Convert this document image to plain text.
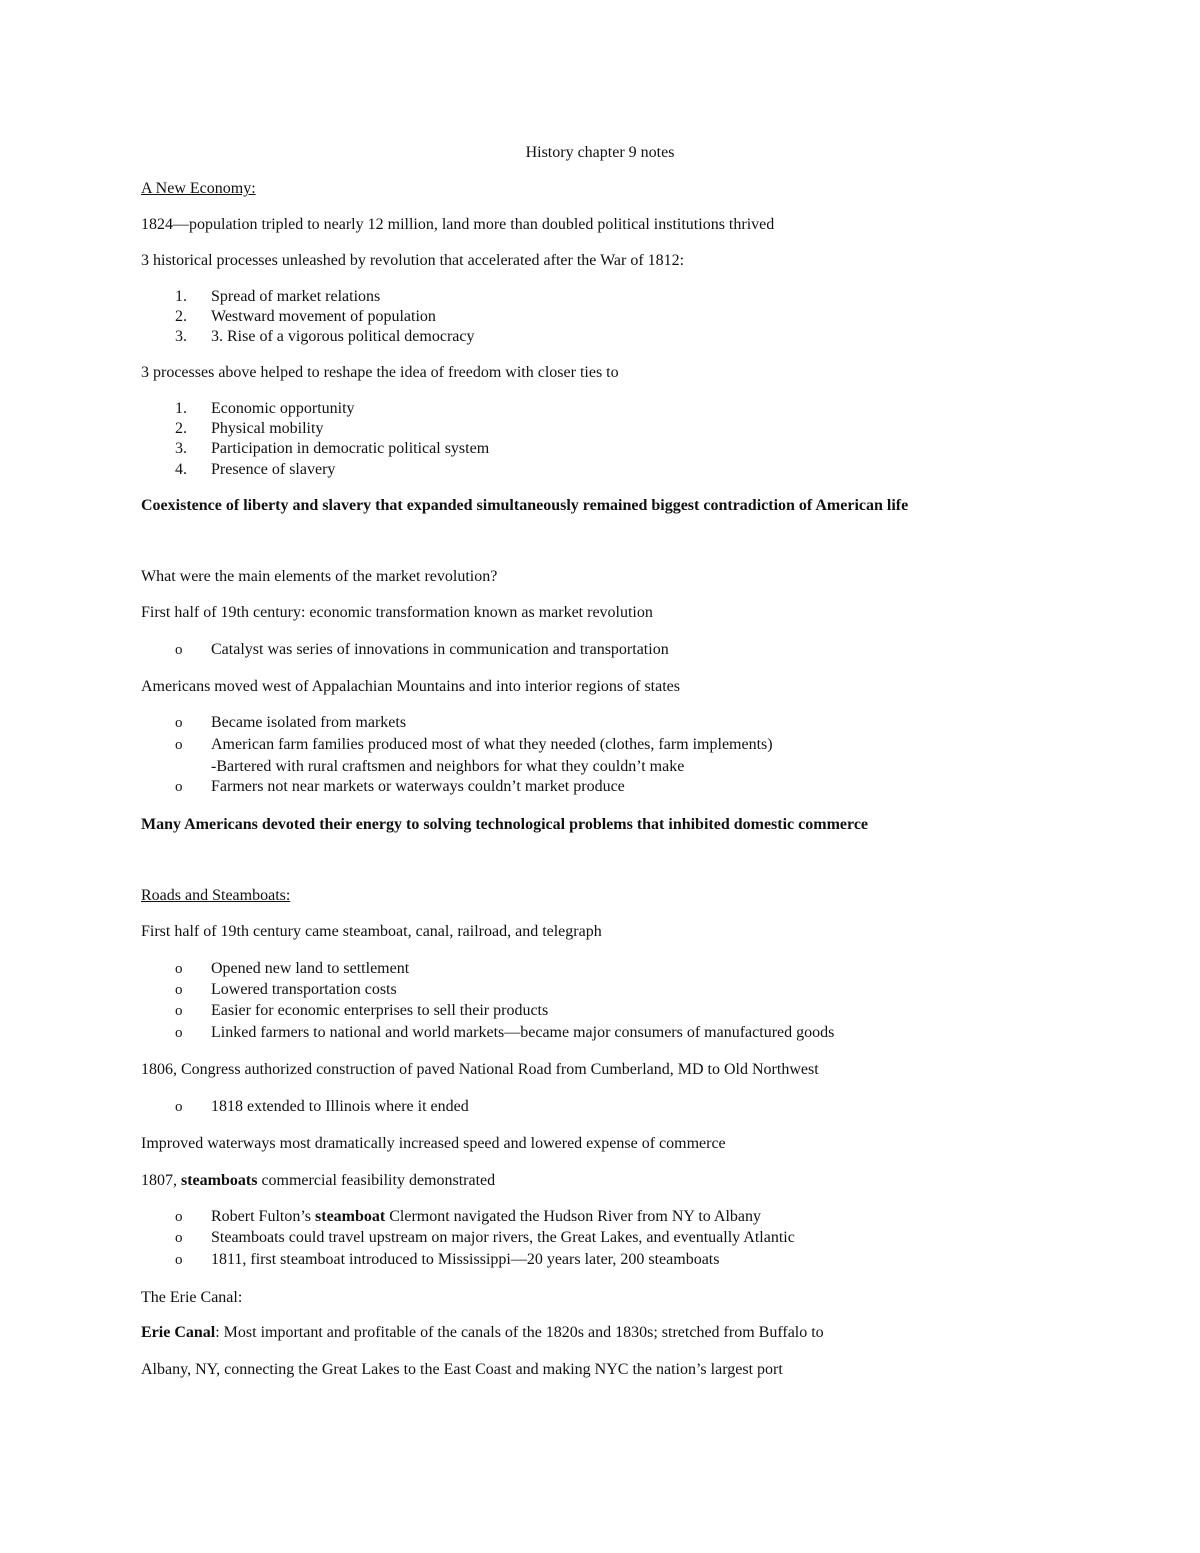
History chapter 9 notes
A New Economy:
1824—population tripled to nearly 12 million, land more than doubled political institutions thrived
3 historical processes unleashed by revolution that accelerated after the War of 1812:
1. Spread of market relations
2. Westward movement of population
3. 3. Rise of a vigorous political democracy
3 processes above helped to reshape the idea of freedom with closer ties to
1. Economic opportunity
2. Physical mobility
3. Participation in democratic political system
4. Presence of slavery
Coexistence of liberty and slavery that expanded simultaneously remained biggest contradiction of American life
What were the main elements of the market revolution?
First half of 19th century: economic transformation known as market revolution
o Catalyst was series of innovations in communication and transportation
Americans moved west of Appalachian Mountains and into interior regions of states
o Became isolated from markets
o American farm families produced most of what they needed (clothes, farm implements)
-Bartered with rural craftsmen and neighbors for what they couldn’t make
o Farmers not near markets or waterways couldn’t market produce
Many Americans devoted their energy to solving technological problems that inhibited domestic commerce
Roads and Steamboats:
First half of 19th century came steamboat, canal, railroad, and telegraph
o Opened new land to settlement
o Lowered transportation costs
o Easier for economic enterprises to sell their products
o Linked farmers to national and world markets—became major consumers of manufactured goods
1806, Congress authorized construction of paved National Road from Cumberland, MD to Old Northwest
o 1818 extended to Illinois where it ended
Improved waterways most dramatically increased speed and lowered expense of commerce
1807, steamboats commercial feasibility demonstrated
o Robert Fulton’s steamboat Clermont navigated the Hudson River from NY to Albany
o Steamboats could travel upstream on major rivers, the Great Lakes, and eventually Atlantic
o 1811, first steamboat introduced to Mississippi—20 years later, 200 steamboats
The Erie Canal:
Erie Canal: Most important and profitable of the canals of the 1820s and 1830s; stretched from Buffalo to
Albany, NY, connecting the Great Lakes to the East Coast and making NYC the nation’s largest port
